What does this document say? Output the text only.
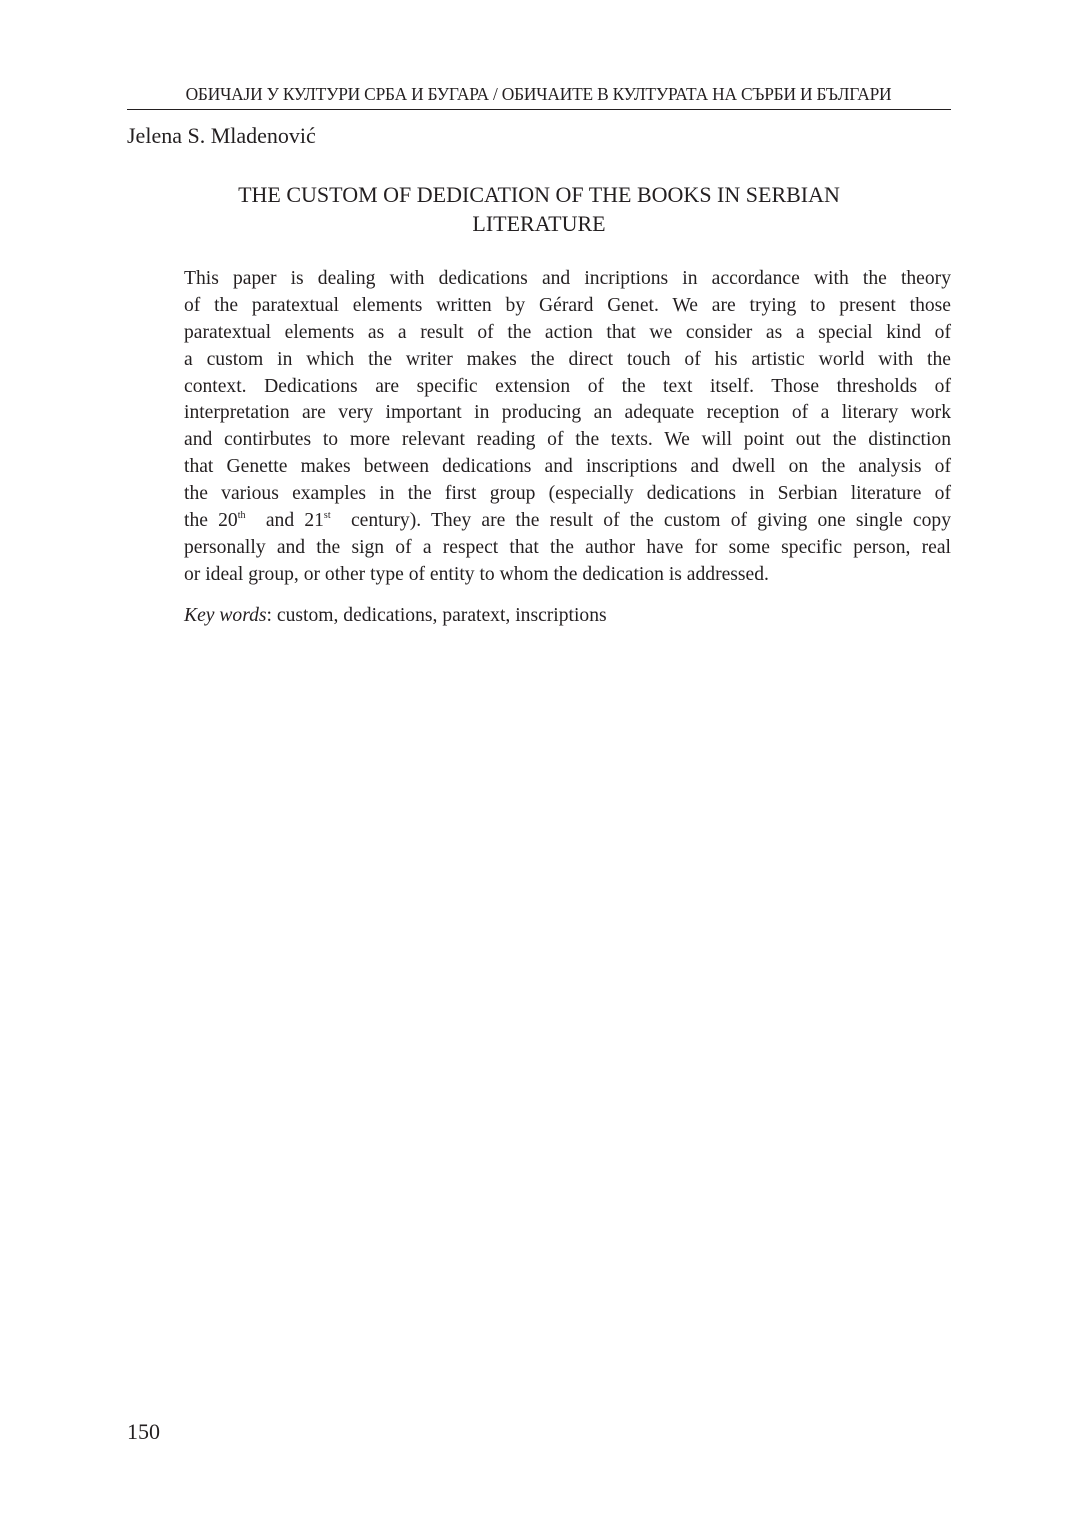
ОБИЧАЈИ У КУЛТУРИ СРБА И БУГАРА / ОБИЧАИТЕ В КУЛТУРАТА НА СЪРБИ И БЪЛГАРИ
Jelena S. Mladenović
THE CUSTOM OF DEDICATION OF THE BOOKS IN SERBIAN
LITERATURE
This paper is dealing with dedications and incriptions in accordance with the theory
of the paratextual elements written by Gérard Genet. We are trying to present those
paratextual elements as a result of the action that we consider as a special kind of
a custom in which the writer makes the direct touch of his artistic world with the
context. Dedications are specific extension of the text itself. Those thresholds of
interpretation are very important in producing an adequate reception of a literary work
and contirbutes to more relevant reading of the texts. We will point out the distinction
that Genette makes between dedications and inscriptions and dwell on the analysis of
the various examples in the first group (especially dedications in Serbian literature of
the 20th  and 21st  century). They are the result of the custom of giving one single copy
personally and the sign of a respect that the author have for some specific person, real
or ideal group, or other type of entity to whom the dedication is addressed.
Key words: custom, dedications, paratext, inscriptions
150
